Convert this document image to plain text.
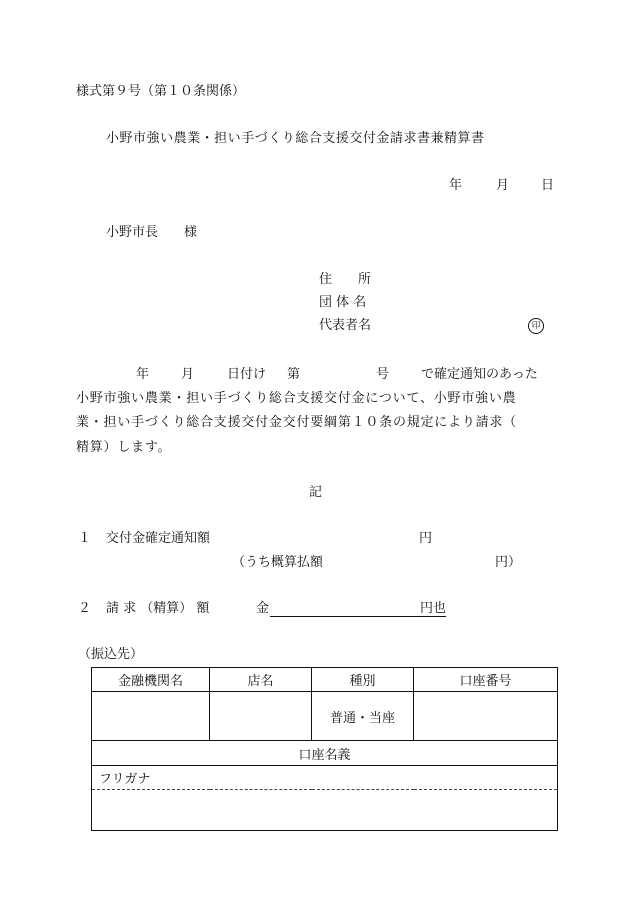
様式第９号（第１０条関係）
小野市強い農業・担い手づくり総合支援交付金請求書兼精算書
年	月 日
小野市長　　様
住　　所
団 体 名
代表者名	印
年 月	日付け 第	号 で確定通知のあった
小野市強い農業・担い手づくり総合支援交付金について、小野市強い農
業・担い手づくり総合支援交付金交付要綱第１０条の規定により請求（
精算）します。
記
１ 交付金確定通知額	円
（うち概算払額	円）
２ 請 求 （精算） 額	金	円也
（振込先）
金融機関名	店名	種別	口座番号
		普通・当座	
口座名義			
フリガナ			
